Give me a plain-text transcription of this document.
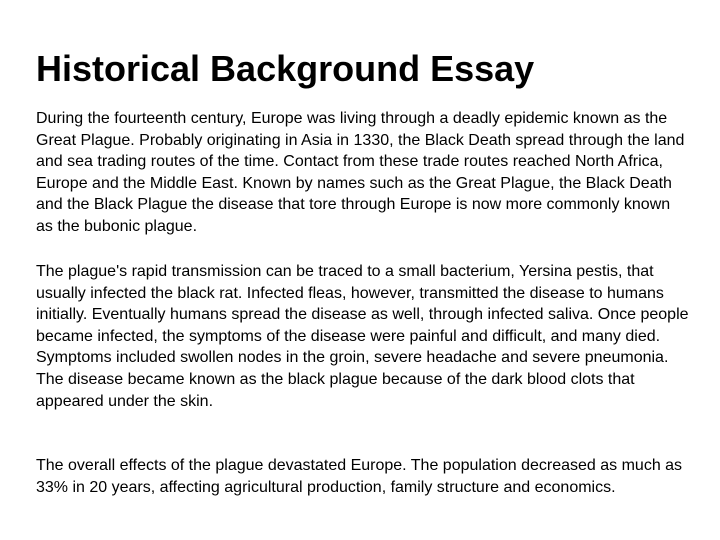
Historical Background Essay

During the fourteenth century, Europe was living through a deadly epidemic known as the Great Plague. Probably originating in Asia in 1330, the Black Death spread through the land and sea trading routes of the time. Contact from these trade routes reached North Africa, Europe and the Middle East. Known by names such as the Great Plague, the Black Death and the Black Plague the disease that tore through Europe is now more commonly known as the bubonic plague.

The plague's rapid transmission can be traced to a small bacterium, Yersina pestis, that usually infected the black rat. Infected fleas, however, transmitted the disease to humans initially. Eventually humans spread the disease as well, through infected saliva. Once people became infected, the symptoms of the disease were painful and difficult, and many died. Symptoms included swollen nodes in the groin, severe headache and severe pneumonia. The disease became known as the black plague because of the dark blood clots that appeared under the skin.

The overall effects of the plague devastated Europe. The population decreased as much as 33% in 20 years, affecting agricultural production, family structure and economics.
